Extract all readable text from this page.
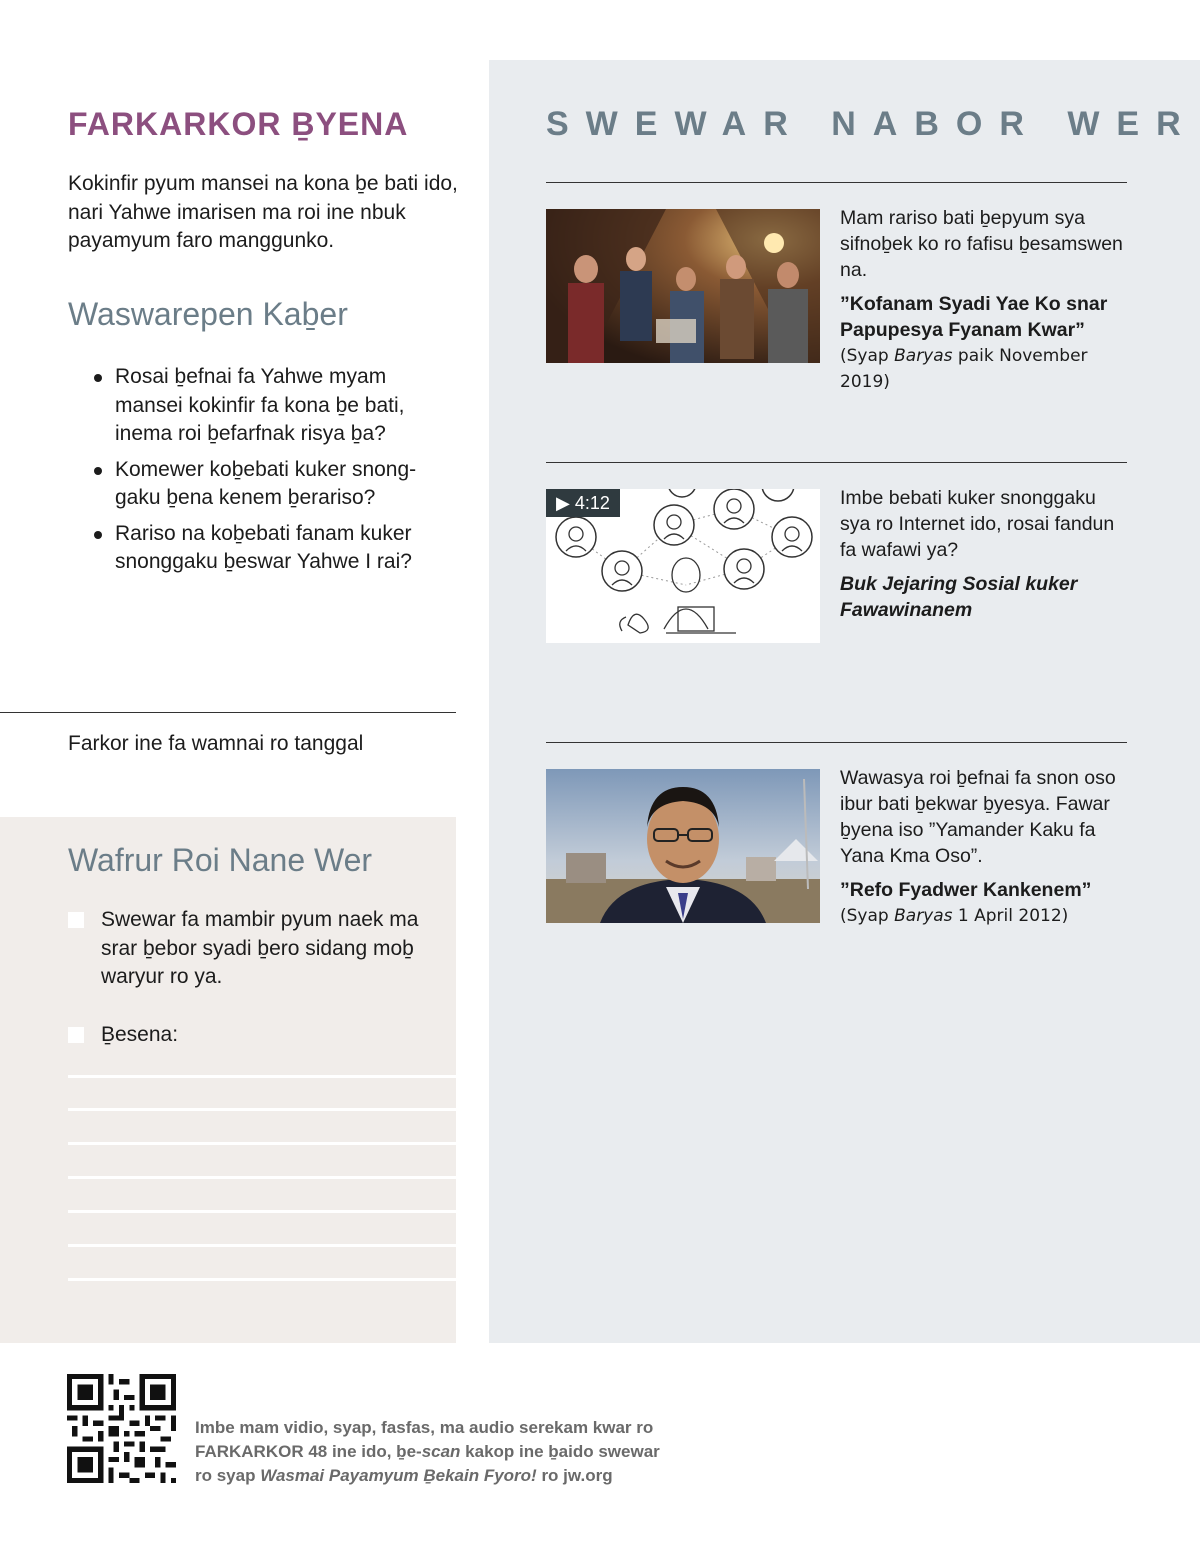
SWEWAR NABOR WER

Mam rariso bati ḇepyum sya sifnoḇek ko ro fafisu ḇesamswen na.

”Kofanam Syadi Yae Ko snar Papupesya Fyanam Kwar”

(Syap Baryas paik November 2019)

▶ 4:12	Imbe bebati kuker snonggaku sya ro Internet ido, rosai fandun fa wafawi ya?

Buk Jejaring Sosial kuker Fawawinanem

Wawasya roi ḇefnai fa snon oso ibur bati ḇekwar ḇyesya. Fawar ḇyena iso ”Yamander Kaku fa Yana Kma Oso”.

”Refo Fyadwer Kankenem”

(Syap Baryas 1 April 2012)

FARKARKOR ḆYENA
Kokinfir pyum mansei na kona ḇe bati ido, nari Yahwe imarisen ma roi ine nbuk payamyum faro manggunko.
Waswarepen Kaḇer
Rosai ḇefnai fa Yahwe myam mansei kokinfir fa kona ḇe bati, inema roi ḇefarfnak risya ḇa?
Komewer koḇebati kuker snonggaku ḇena kenem ḇerariso?
Rariso na koḇebati fanam kuker snonggaku ḇeswar Yahwe I rai?
Farkor ine fa wamnai ro tanggal
Wafrur Roi Nane Wer
Swewar fa mambir pyum naek ma srar ḇebor syadi ḇero sidang moḇ waryur ro ya.
Ḇesena:
Imbe mam vidio, syap, fasfas, ma audio serekam kwar ro
FARKARKOR 48 ine ido, ḇe-scan kakop ine ḇaido swewar
ro syap Wasmai Payamyum Ḇekain Fyoro! ro jw.org
